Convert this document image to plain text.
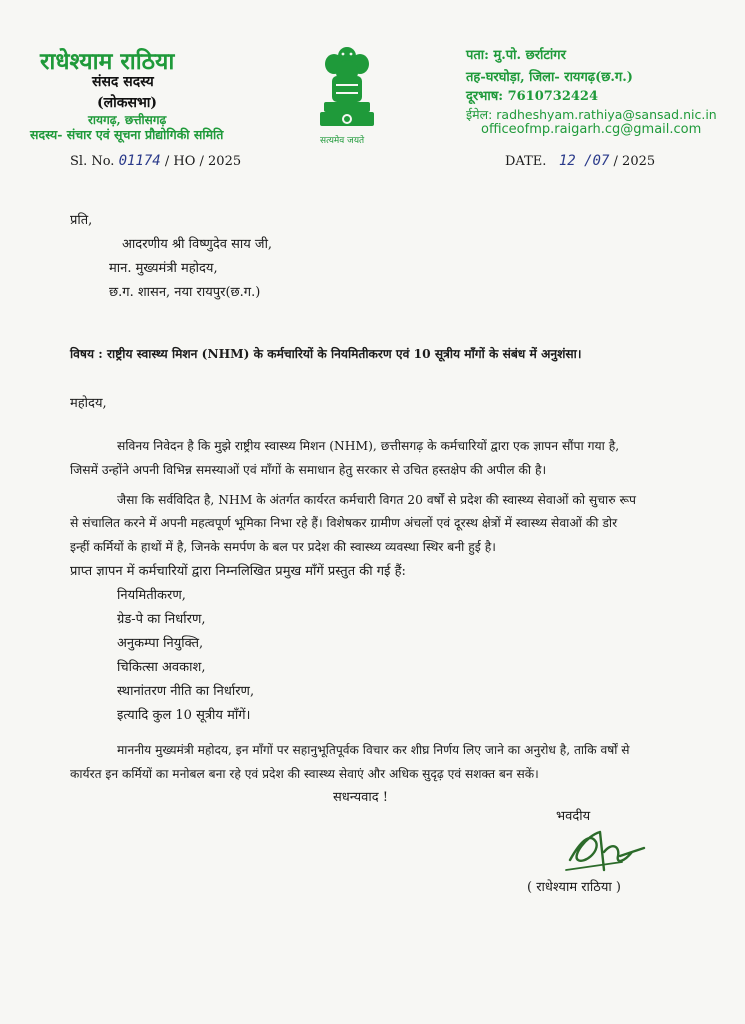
राधेश्याम राठिया
संसद सदस्य
(लोकसभा)
रायगढ़, छत्तीसगढ़
सदस्य- संचार एवं सूचना प्रौद्योगिकी समिति	सत्यमेव जयते
पता: मु.पो. छर्राटांगर
तह-घरघोड़ा, जिला- रायगढ़(छ.ग.)
दूरभाष: 7610732424
ईमेल: radheshyam.rathiya@sansad.nic.in
officeofmp.raigarh.cg@gmail.com
Sl. No. 01174 / HO / 2025	DATE. 12 /07 / 2025
प्रति,
आदरणीय श्री विष्णुदेव साय जी,
मान. मुख्यमंत्री महोदय,
छ.ग. शासन, नया रायपुर(छ.ग.)
विषय : राष्ट्रीय स्वास्थ्य मिशन (NHM) के कर्मचारियों के नियमितीकरण एवं 10 सूत्रीय माँगों के संबंध में अनुशंसा।
महोदय,
सविनय निवेदन है कि मुझे राष्ट्रीय स्वास्थ्य मिशन (NHM), छत्तीसगढ़ के कर्मचारियों द्वारा एक ज्ञापन सौंपा गया है,
जिसमें उन्होंने अपनी विभिन्न समस्याओं एवं माँगों के समाधान हेतु सरकार से उचित हस्तक्षेप की अपील की है।
जैसा कि सर्वविदित है, NHM के अंतर्गत कार्यरत कर्मचारी विगत 20 वर्षों से प्रदेश की स्वास्थ्य सेवाओं को सुचारु रूप
से संचालित करने में अपनी महत्वपूर्ण भूमिका निभा रहे हैं। विशेषकर ग्रामीण अंचलों एवं दूरस्थ क्षेत्रों में स्वास्थ्य सेवाओं की डोर
इन्हीं कर्मियों के हाथों में है, जिनके समर्पण के बल पर प्रदेश की स्वास्थ्य व्यवस्था स्थिर बनी हुई है।
प्राप्त ज्ञापन में कर्मचारियों द्वारा निम्नलिखित प्रमुख माँगें प्रस्तुत की गई हैं:
नियमितीकरण,
ग्रेड-पे का निर्धारण,
अनुकम्पा नियुक्ति,
चिकित्सा अवकाश,
स्थानांतरण नीति का निर्धारण,
इत्यादि कुल 10 सूत्रीय माँगें।
माननीय मुख्यमंत्री महोदय, इन माँगों पर सहानुभूतिपूर्वक विचार कर शीघ्र निर्णय लिए जाने का अनुरोध है, ताकि वर्षों से
कार्यरत इन कर्मियों का मनोबल बना रहे एवं प्रदेश की स्वास्थ्य सेवाएं और अधिक सुदृढ़ एवं सशक्त बन सकें।
सधन्यवाद !
भवदीय
( राधेश्याम राठिया )
